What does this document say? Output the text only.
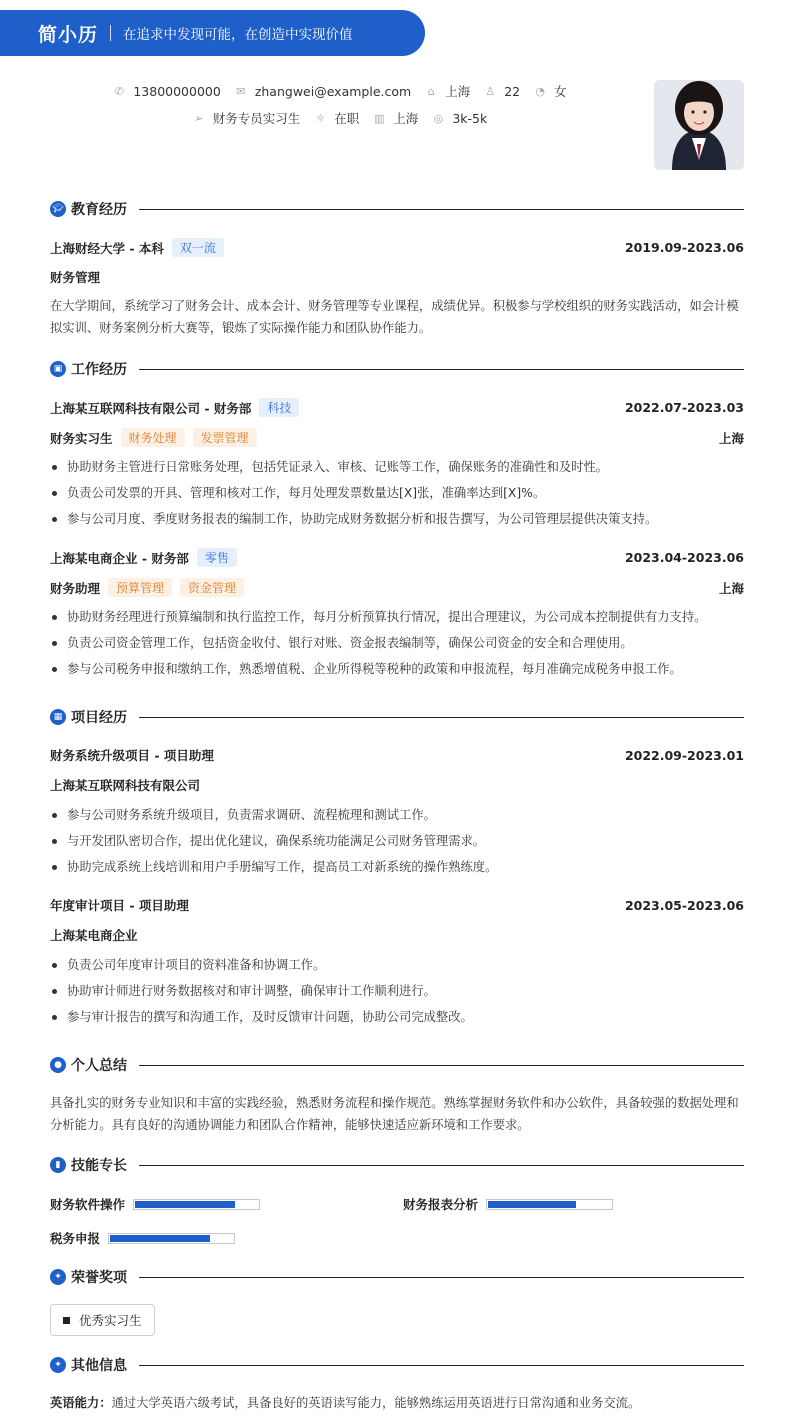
简小历 在追求中发现可能，在创造中实现价值
✆ 13800000000 ✉ zhangwei@example.com ⌂ 上海 ♙ 22 ◔ 女
➢ 财务专员实习生 ☼ 在职 ▥ 上海 ◎ 3k-5k
🎓︎ 教育经历
上海财经大学 - 本科	双一流	2019.09-2023.06
财务管理
在大学期间，系统学习了财务会计、成本会计、财务管理等专业课程，成绩优异。积极参与学校组织的财务实践活动，如会计模拟实训、财务案例分析大赛等，锻炼了实际操作能力和团队协作能力。
▣ 工作经历
上海某互联网科技有限公司 - 财务部	科技	2022.07-2023.03
财务实习生	财务处理	发票管理	上海
协助财务主管进行日常账务处理，包括凭证录入、审核、记账等工作，确保账务的准确性和及时性。
负责公司发票的开具、管理和核对工作，每月处理发票数量达[X]张，准确率达到[X]%。
参与公司月度、季度财务报表的编制工作，协助完成财务数据分析和报告撰写，为公司管理层提供决策支持。
上海某电商企业 - 财务部	零售	2023.04-2023.06
财务助理	预算管理	资金管理	上海
协助财务经理进行预算编制和执行监控工作，每月分析预算执行情况，提出合理建议，为公司成本控制提供有力支持。
负责公司资金管理工作，包括资金收付、银行对账、资金报表编制等，确保公司资金的安全和合理使用。
参与公司税务申报和缴纳工作，熟悉增值税、企业所得税等税种的政策和申报流程，每月准确完成税务申报工作。
▦ 项目经历
财务系统升级项目 - 项目助理	2022.09-2023.01
上海某互联网科技有限公司
参与公司财务系统升级项目，负责需求调研、流程梳理和测试工作。
与开发团队密切合作，提出优化建议，确保系统功能满足公司财务管理需求。
协助完成系统上线培训和用户手册编写工作，提高员工对新系统的操作熟练度。
年度审计项目 - 项目助理	2023.05-2023.06
上海某电商企业
负责公司年度审计项目的资料准备和协调工作。
协助审计师进行财务数据核对和审计调整，确保审计工作顺利进行。
参与审计报告的撰写和沟通工作，及时反馈审计问题，协助公司完成整改。
● 个人总结
具备扎实的财务专业知识和丰富的实践经验，熟悉财务流程和操作规范。熟练掌握财务软件和办公软件，具备较强的数据处理和分析能力。具有良好的沟通协调能力和团队合作精神，能够快速适应新环境和工作要求。
▮ 技能专长
财务软件操作	财务报表分析
税务申报
✦ 荣誉奖项
优秀实习生
✦ 其他信息
英语能力：通过大学英语六级考试，具备良好的英语读写能力，能够熟练运用英语进行日常沟通和业务交流。
